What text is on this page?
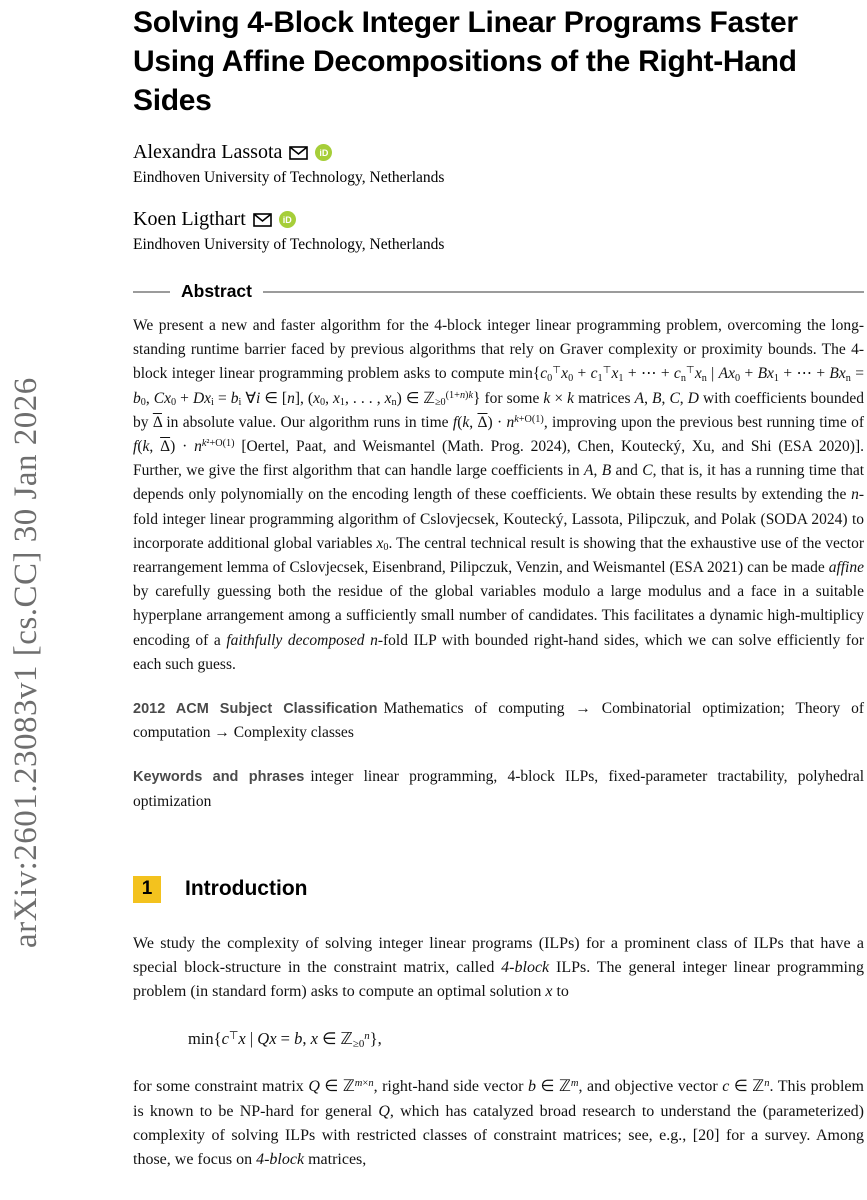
arXiv:2601.23083v1 [cs.CC] 30 Jan 2026
Solving 4-Block Integer Linear Programs Faster Using Affine Decompositions of the Right-Hand Sides
Alexandra Lassota	iD
Eindhoven University of Technology, Netherlands
Koen Ligthart	iD
Eindhoven University of Technology, Netherlands
Abstract
We present a new and faster algorithm for the 4-block integer linear programming problem, overcoming the long-standing runtime barrier faced by previous algorithms that rely on Graver complexity or proximity bounds. The 4-block integer linear programming problem asks to compute $\min\{c_0^⊤x_0 + c_1^⊤x_1$ + ⋯ + $c_n^⊤x_n$ | $Ax_0 + Bx_1$ + ⋯ + $Bx_n = b_0$, $Cx_0 + Dx_i = b_i$ ∀i ∈ [n], ($x_0$, $x_1$, . . . , $x_n$) ∈ ℤ$_{\ge 0}^{(1+n)k}$} for some k × k matrices A, B, C, D with coefficients bounded by $\overline{\Delta}$ in absolute value. Our algorithm runs in time f(k, $\overline{\Delta}) \cdot n^{k+O(1)}$, improving upon the previous best running time of f(k, $\overline{\Delta}) \cdot n^{k^2+O(1)}$ [Oertel, Paat, and Weismantel (Math. Prog. 2024), Chen, Koutecký, Xu, and Shi (ESA 2020)]. Further, we give the first algorithm that can handle large coefficients in A, B and C, that is, it has a running time that depends only polynomially on the encoding length of these coefficients. We obtain these results by extending the n-fold integer linear programming algorithm of Cslovjecsek, Koutecký, Lassota, Pilipczuk, and Polak (SODA 2024) to incorporate additional global variables $x_0$. The central technical result is showing that the exhaustive use of the vector rearrangement lemma of Cslovjecsek, Eisenbrand, Pilipczuk, Venzin, and Weismantel (ESA 2021) can be made affine by carefully guessing both the residue of the global variables modulo a large modulus and a face in a suitable hyperplane arrangement among a sufficiently small number of candidates. This facilitates a dynamic high-multiplicy encoding of a faithfully decomposed n-fold ILP with bounded right-hand sides, which we can solve efficiently for each such guess.
2012 ACM Subject Classification Mathematics of computing → Combinatorial optimization; Theory of computation → Complexity classes
Keywords and phrases integer linear programming, 4-block ILPs, fixed-parameter tractability, polyhedral optimization
1	Introduction
We study the complexity of solving integer linear programs (ILPs) for a prominent class of ILPs that have a special block-structure in the constraint matrix, called 4-block ILPs. The general integer linear programming problem (in standard form) asks to compute an optimal solution x to
min{c⊤x | Qx = b, x ∈ ℤ$_{\ge 0}^n$},
for some constraint matrix Q ∈ ℤ$^{m\times n}$, right-hand side vector b ∈ ℤ$^m$, and objective vector c ∈ ℤ$^n$. This problem is known to be NP-hard for general Q, which has catalyzed broad research to understand the (parameterized) complexity of solving ILPs with restricted classes of constraint matrices; see, e.g., [20] for a survey. Among those, we focus on 4-block matrices,
